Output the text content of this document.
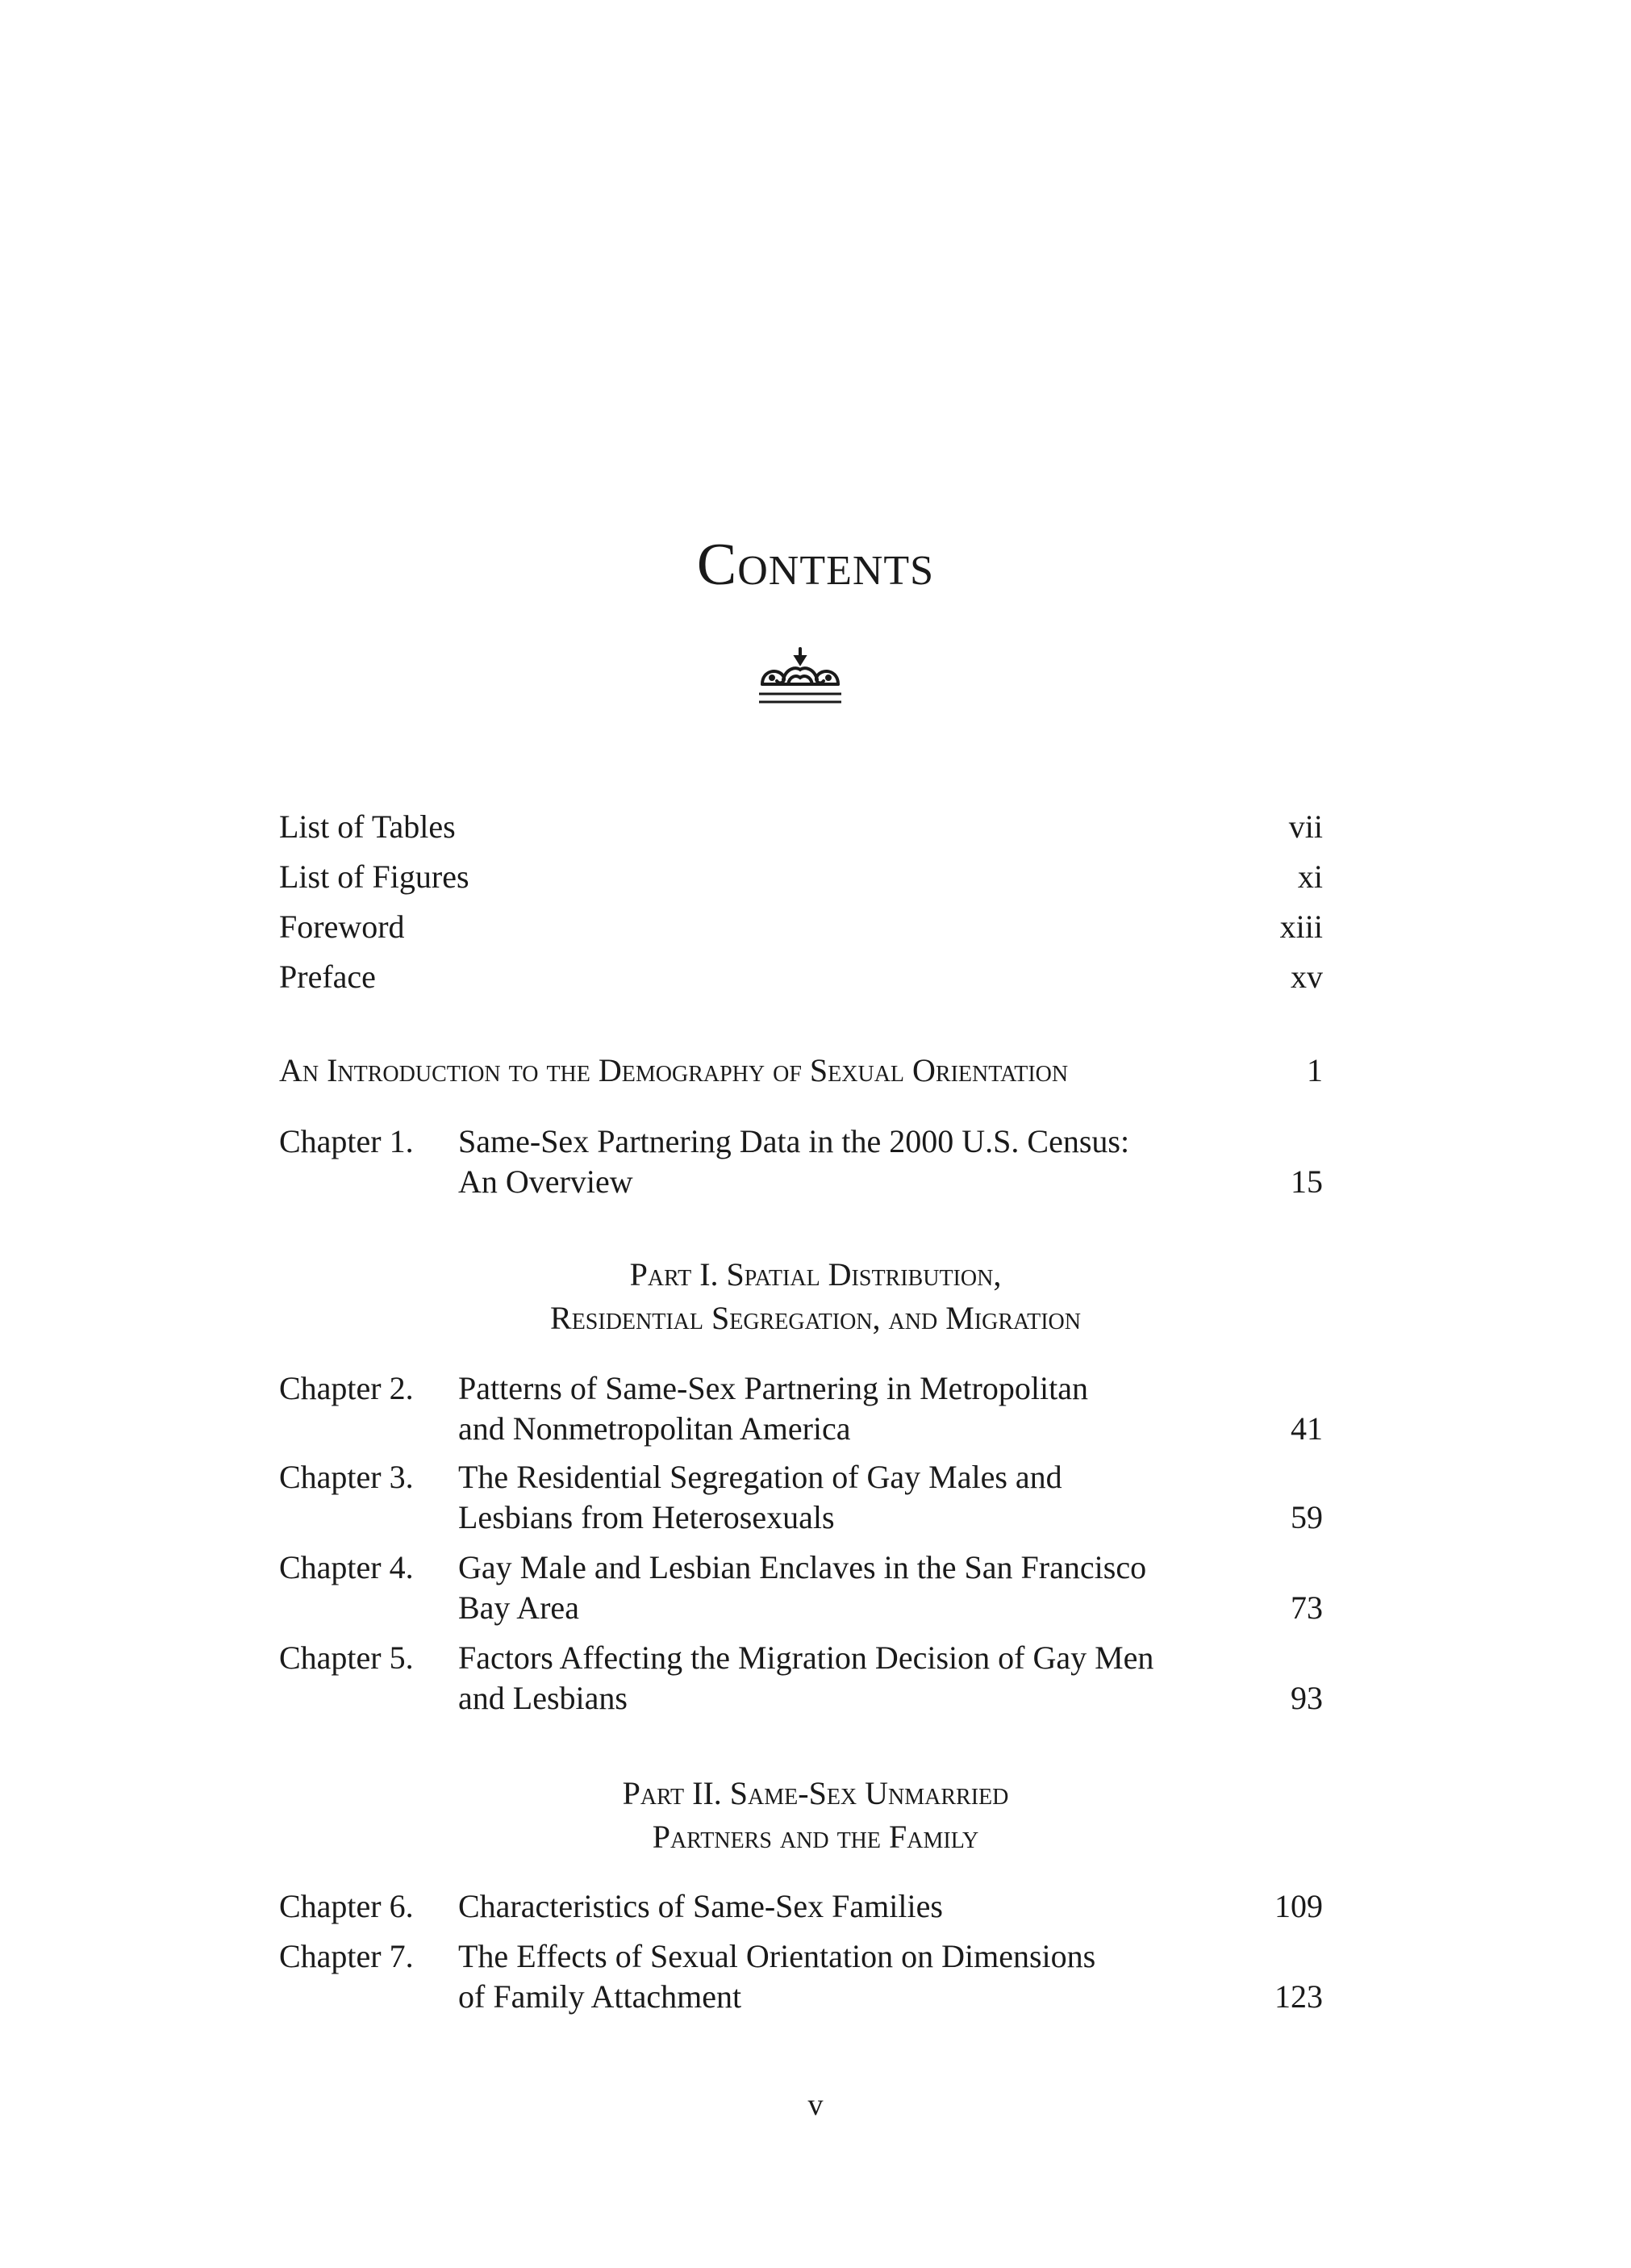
Contents
List of Tables	vii
List of Figures	xi
Foreword	xiii
Preface	xv
An Introduction to the Demography of Sexual Orientation	1
Chapter 1. Same-Sex Partnering Data in the 2000 U.S. Census:
An Overview	15
Part I. Spatial Distribution,
Residential Segregation, and Migration
Chapter 2. Patterns of Same-Sex Partnering in Metropolitan
and Nonmetropolitan America	41
Chapter 3. The Residential Segregation of Gay Males and
Lesbians from Heterosexuals	59
Chapter 4. Gay Male and Lesbian Enclaves in the San Francisco
Bay Area	73
Chapter 5. Factors Affecting the Migration Decision of Gay Men
and Lesbians	93
Part II. Same-Sex Unmarried
Partners and the Family
Chapter 6. Characteristics of Same-Sex Families	109
Chapter 7. The Effects of Sexual Orientation on Dimensions
of Family Attachment	123
v
